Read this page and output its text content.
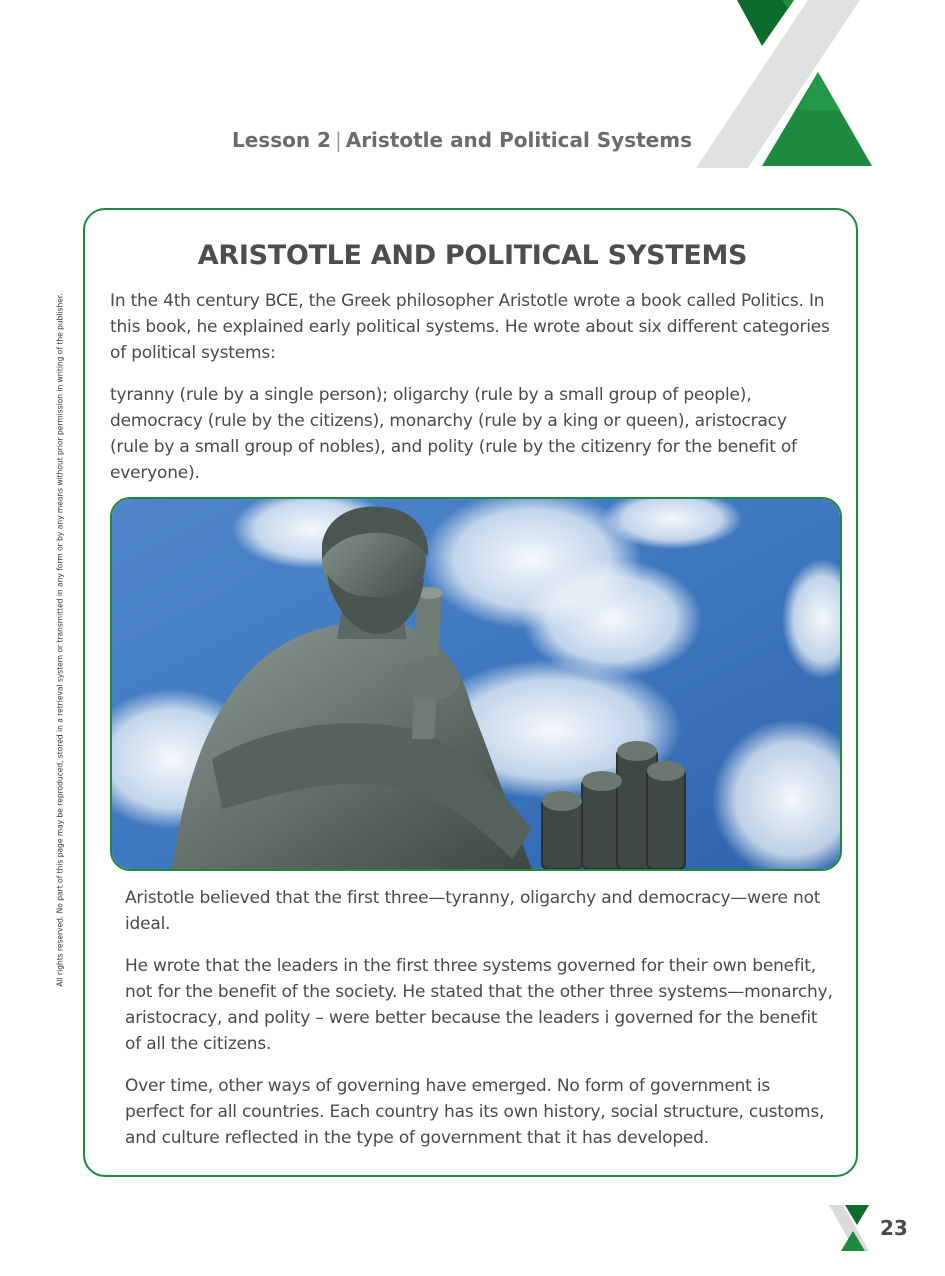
Lesson 2 | Aristotle and Political Systems
All rights reserved. No part of this page may be reproduced, stored in a retrieval system or transmitted in any form or by any means without prior permission in writing of the publisher.
ARISTOTLE AND POLITICAL SYSTEMS

In the 4th century BCE, the Greek philosopher Aristotle wrote a book called Politics. In this book, he explained early political systems. He wrote about six different categories of political systems:

tyranny (rule by a single person); oligarchy (rule by a small group of people), democracy (rule by the citizens), monarchy (rule by a king or queen), aristocracy (rule by a small group of nobles), and polity (rule by the citizenry for the benefit of everyone).

Aristotle believed that the first three—tyranny, oligarchy and democracy—were not ideal.

He wrote that the leaders in the first three systems governed for their own benefit, not for the benefit of the society. He stated that the other three systems—monarchy, aristocracy, and polity – were better because the leaders i governed for the benefit of all the citizens.

Over time, other ways of governing have emerged. No form of government is perfect for all countries. Each country has its own history, social structure, customs, and culture reflected in the type of government that it has developed.

23
